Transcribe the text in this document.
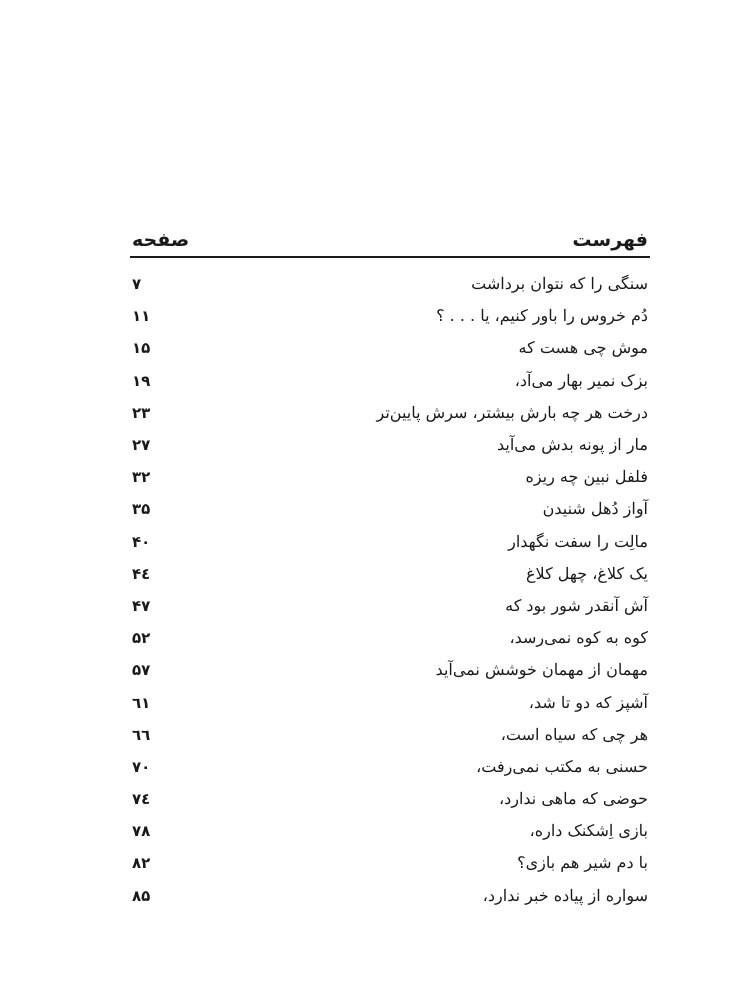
فهرست
صفحه
سنگی را که نتوان برداشت
۷
دُم خروس را باور کنیم، یا . . . ؟
۱۱
موش چی هست که
۱۵
بزک نمیر بهار می‌آد،
۱۹
درخت هر چه بارش بیشتر، سرش پایین‌تر
۲۳
مار از پونه بدش می‌آید
۲۷
فلفل نبین چه ریزه
۳۲
آواز دُهل شنیدن
۳۵
مالِت را سفت نگهدار
۴۰
یک کلاغ، چهل کلاغ
۴٤
آش آنقدر شور بود که
۴۷
کوه به کوه نمی‌رسد،
۵۲
مهمان از مهمان خوشش نمی‌آید
۵۷
آشپز که دو تا شد،
٦۱
هر چی که سیاه است،
٦٦
حسنی به مکتب نمی‌رفت،
۷۰
حوضی که ماهی ندارد،
۷٤
بازی اِشکنک داره،
۷۸
با دم شیر هم بازی؟
۸۲
سواره از پیاده خبر ندارد،
۸۵
